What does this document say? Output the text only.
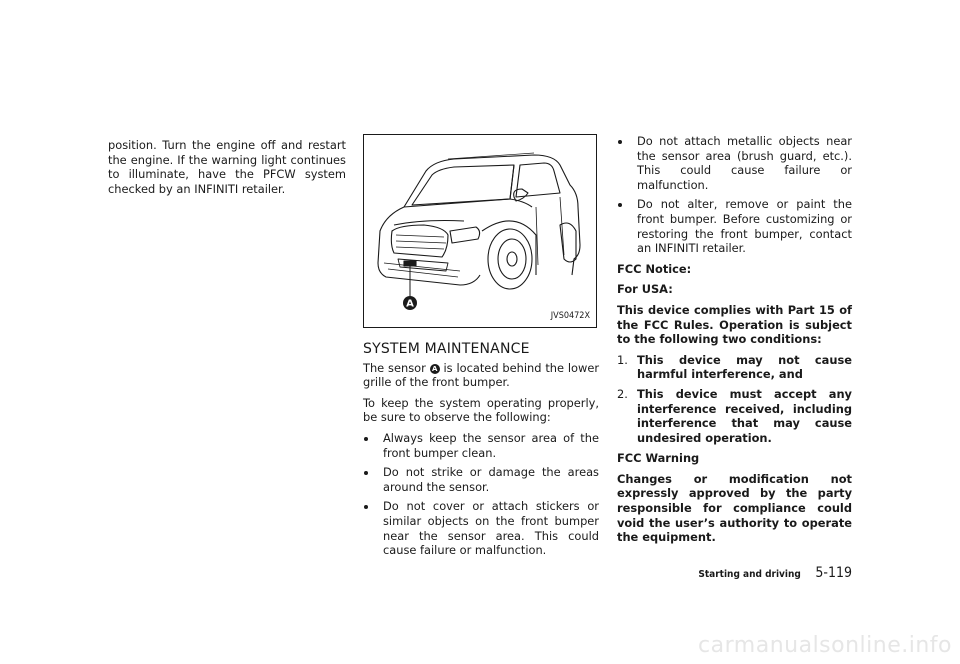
position. Turn the engine off and restart the engine. If the warning light continues to illuminate, have the PFCW system checked by an INFINITI retailer.

A
JVS0472X
SYSTEM MAINTENANCE

The sensor A is located behind the lower grille of the front bumper.

To keep the system operating properly, be sure to observe the following:

Always keep the sensor area of the front bumper clean.
Do not strike or damage the areas around the sensor.
Do not cover or attach stickers or similar objects on the front bumper near the sensor area. This could cause failure or malfunction.
Do not attach metallic objects near the sensor area (brush guard, etc.). This could cause failure or malfunction.
Do not alter, remove or paint the front bumper. Before customizing or restoring the front bumper, contact an INFINITI retailer.

FCC Notice:

For USA:

This device complies with Part 15 of the FCC Rules. Operation is subject to the following two conditions:

1. This device may not cause harmful interference, and
2. This device must accept any interference received, including interference that may cause undesired operation.

FCC Warning

Changes or modification not expressly approved by the party responsible for compliance could void the user’s authority to operate the equipment.

Starting and driving 5-119
carmanualsonline.info
